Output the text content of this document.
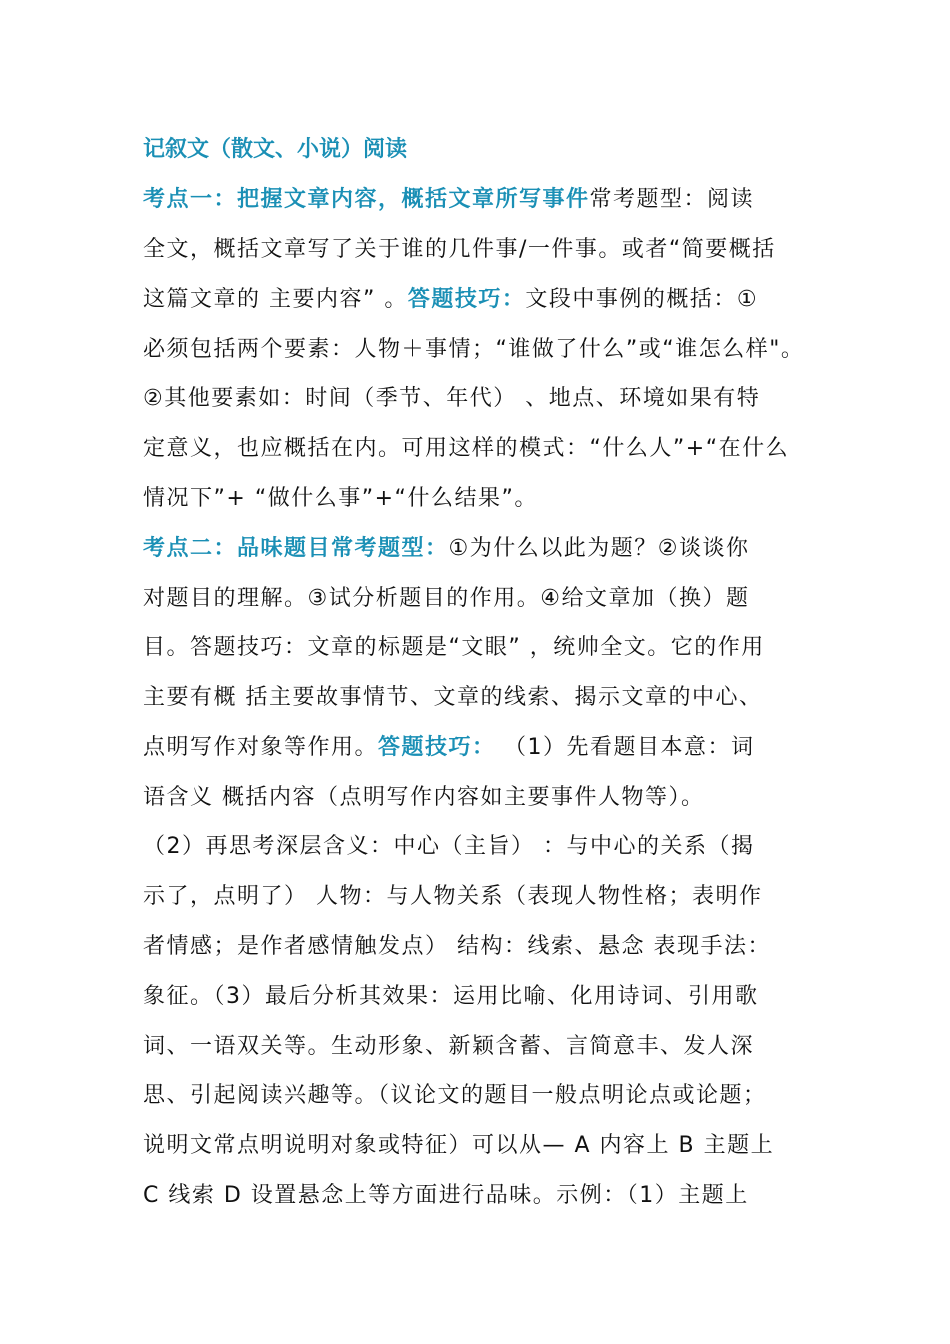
记叙文（散文、小说）阅读
考点一：把握文章内容，概括文章所写事件常考题型：阅读
全文，概括文章写了关于谁的几件事/一件事。或者“简要概括
这篇文章的 主要内容” 。答题技巧：文段中事例的概括：①
必须包括两个要素：人物＋事情；“谁做了什么”或“谁怎么样"。
②其他要素如：时间（季节、年代） 、地点、环境如果有特
定意义，也应概括在内。可用这样的模式：“什么人”+“在什么
情况下”+ “做什么事”+“什么结果”。
考点二：品味题目常考题型：①为什么以此为题？②谈谈你
对题目的理解。③试分析题目的作用。④给文章加（换）题
目。答题技巧：文章的标题是“文眼” ，统帅全文。它的作用
主要有概 括主要故事情节、文章的线索、揭示文章的中心、
点明写作对象等作用。答题技巧： （1）先看题目本意：词
语含义 概括内容（点明写作内容如主要事件人物等）。
（2）再思考深层含义：中心（主旨） ：与中心的关系（揭
示了，点明了） 人物：与人物关系（表现人物性格；表明作
者情感；是作者感情触发点） 结构：线索、悬念 表现手法：
象征。（3）最后分析其效果：运用比喻、化用诗词、引用歌
词、一语双关等。生动形象、新颖含蓄、言简意丰、发人深
思、引起阅读兴趣等。（议论文的题目一般点明论点或论题；
说明文常点明说明对象或特征）可以从— A 内容上 B 主题上
C 线索 D 设置悬念上等方面进行品味。示例：（1）主题上
